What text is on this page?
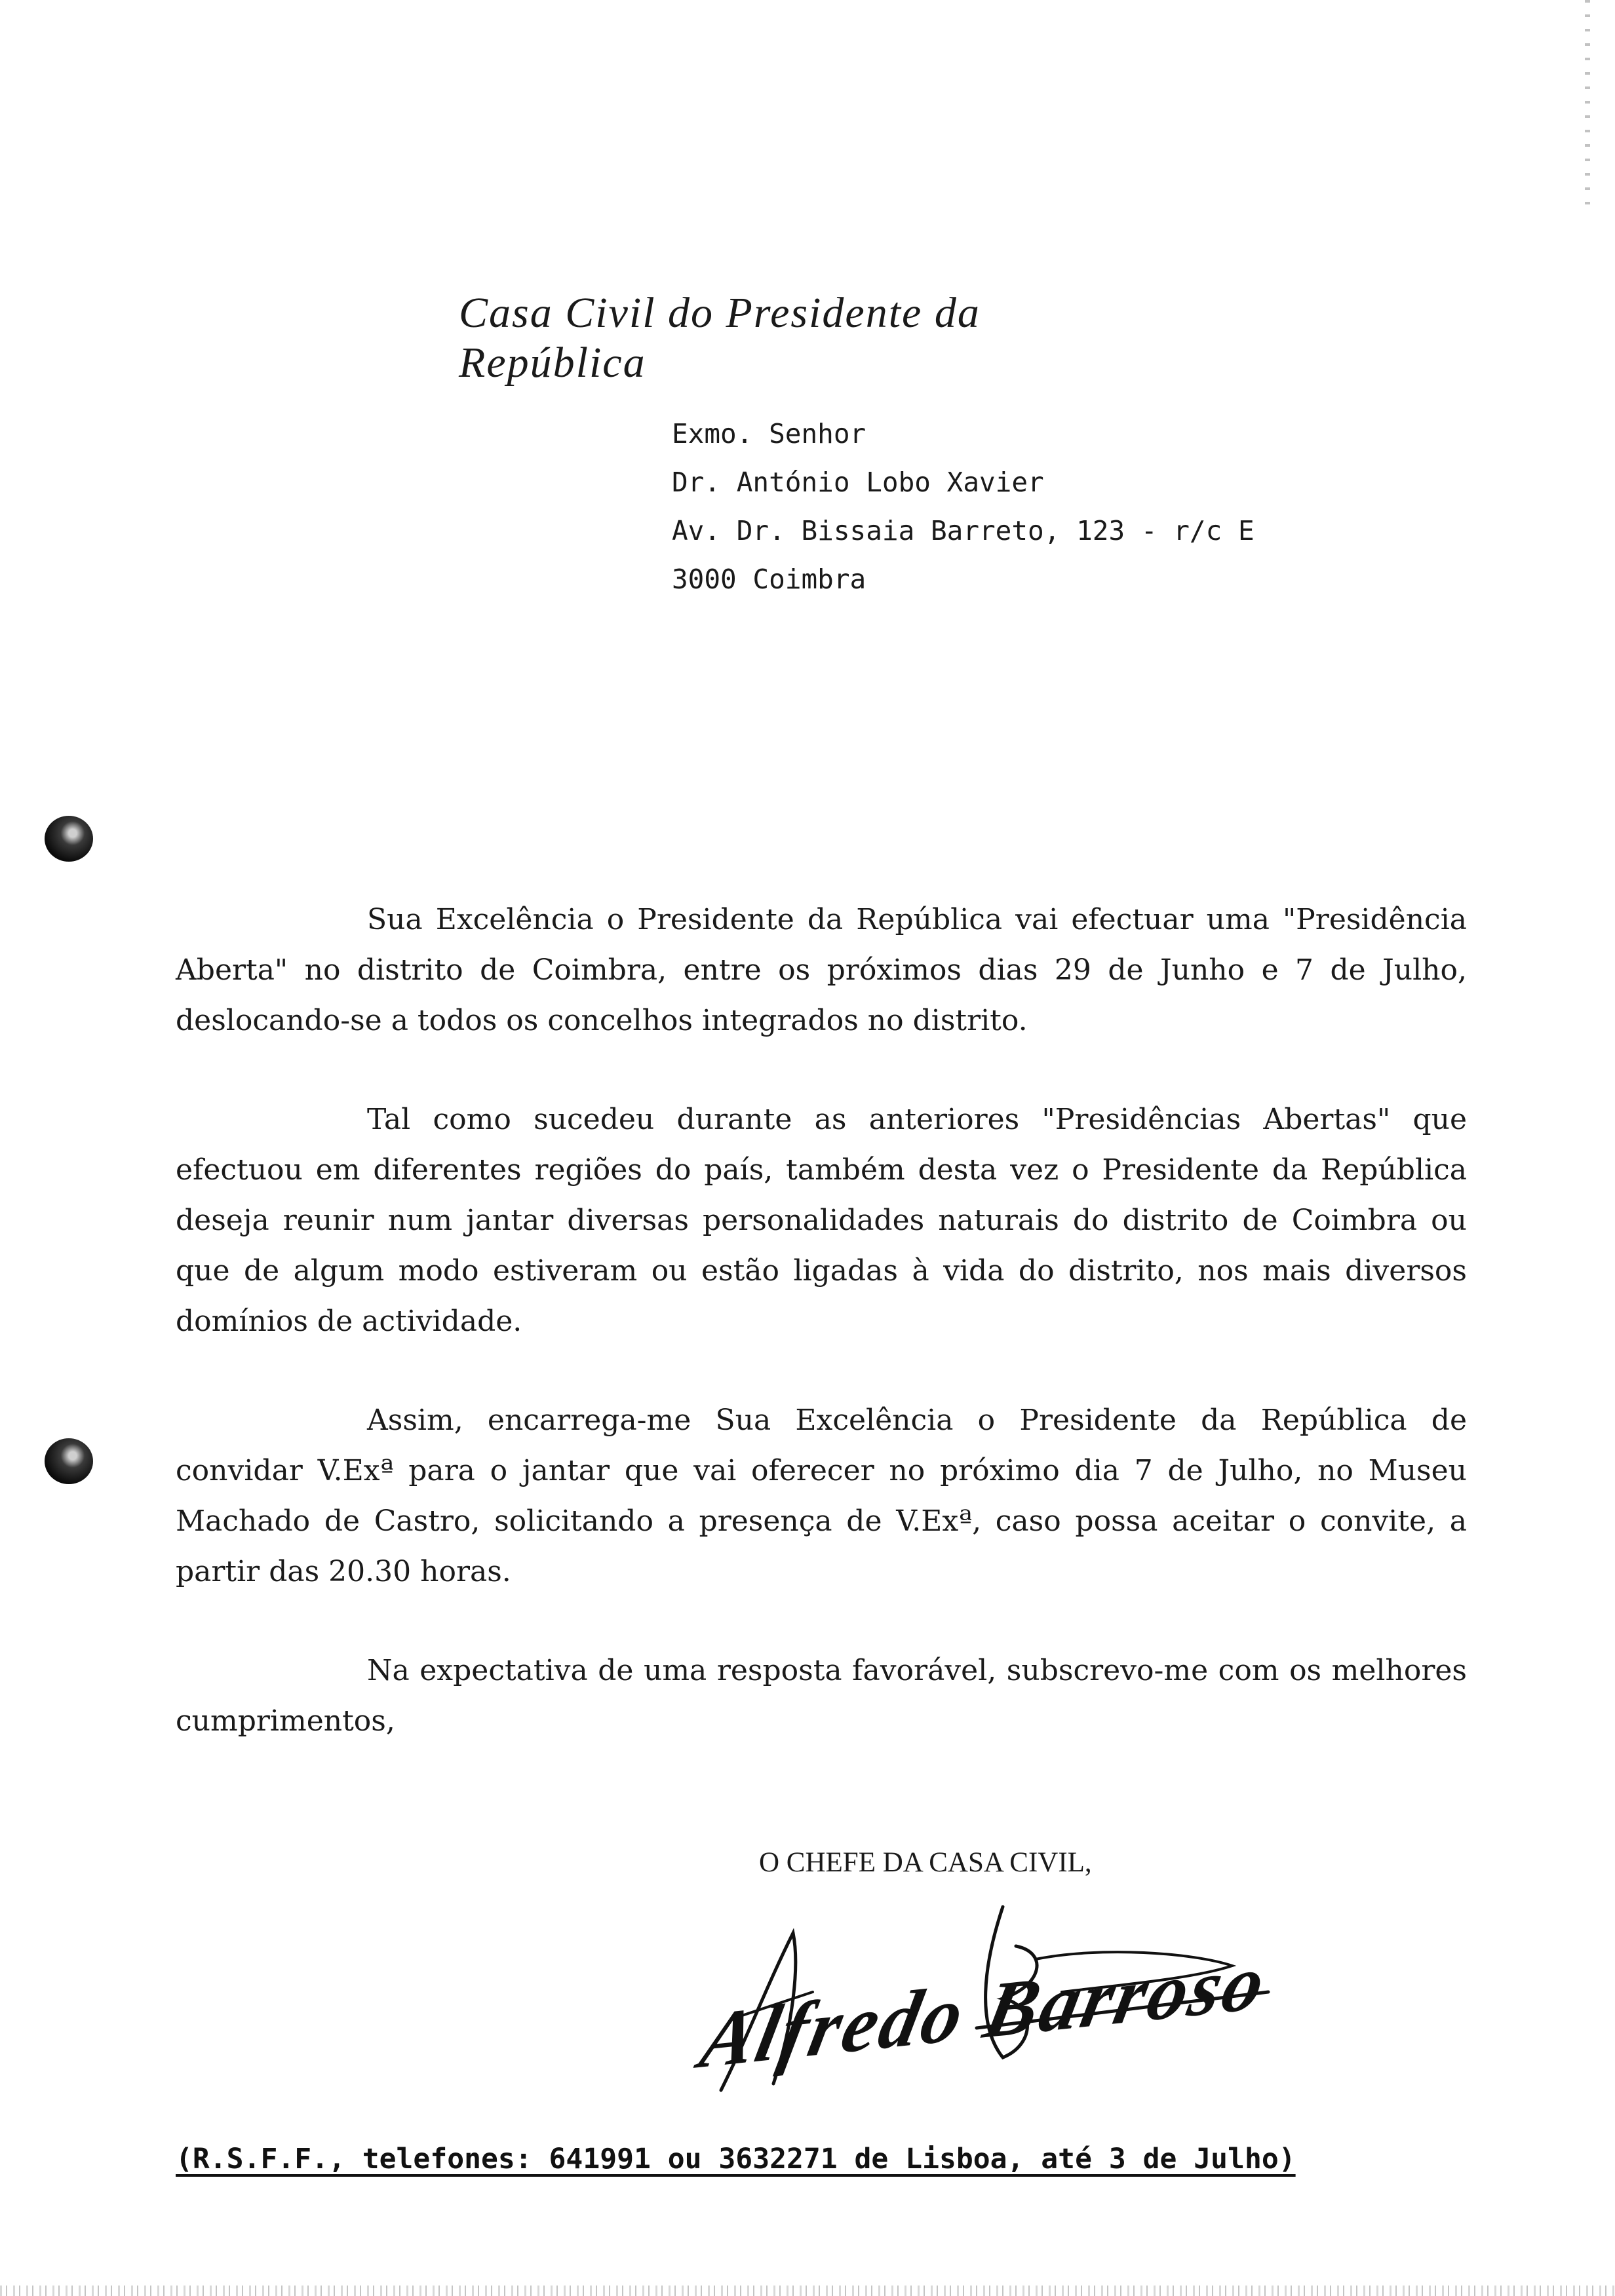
Casa Civil do Presidente da República
Exmo. Senhor
Dr. António Lobo Xavier
Av. Dr. Bissaia Barreto, 123 - r/c E
3000 Coimbra

Sua Excelência o Presidente da República vai efectuar uma "Presidência Aberta" no distrito de Coimbra, entre os próximos dias 29 de Junho e 7 de Julho, deslocando-se a todos os concelhos integrados no distrito.

Tal como sucedeu durante as anteriores "Presidências Abertas" que efectuou em diferentes regiões do país, também desta vez o Presidente da República deseja reunir num jantar diversas personalidades naturais do distrito de Coimbra ou que de algum modo estiveram ou estão ligadas à vida do distrito, nos mais diversos domínios de actividade.

Assim, encarrega-me Sua Excelência o Presidente da República de convidar V.Exª para o jantar que vai oferecer no próximo dia 7 de Julho, no Museu Machado de Castro, solicitando a presença de V.Exª, caso possa aceitar o convite, a partir das 20.30 horas.

Na expectativa de uma resposta favorável, subscrevo-me com os melhores cumprimentos,

O CHEFE DA CASA CIVIL,
Alfredo Barroso
(R.S.F.F., telefones: 641991 ou 3632271 de Lisboa, até 3 de Julho)
